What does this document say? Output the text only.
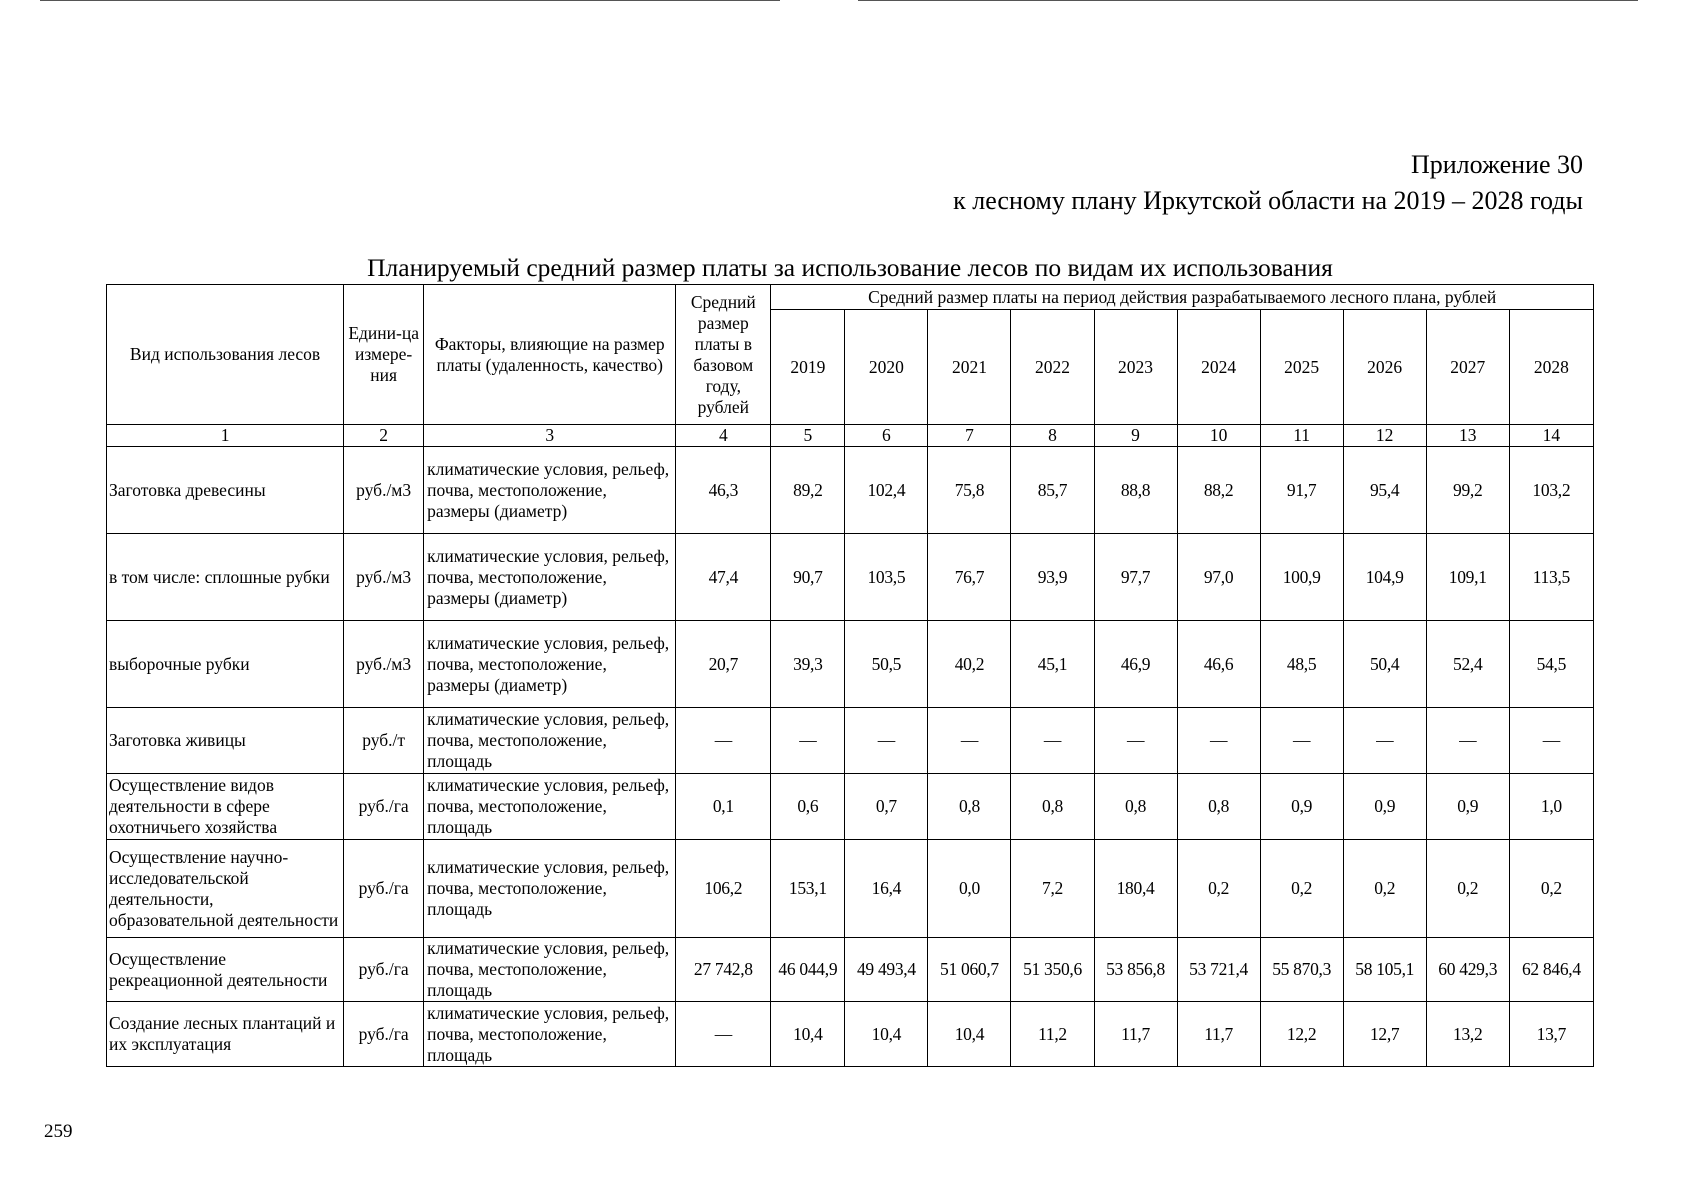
Приложение 30
к лесному плану Иркутской области на 2019 – 2028 годы
Планируемый средний размер платы за использование лесов по видам их использования
Вид использования лесов	Едини-ца измере-ния	Факторы, влияющие на размер платы (удаленность, качество)	Средний размер платы в базовом году, рублей	Средний размер платы на период действия разрабатываемого лесного плана, рублей									
				2019	2020	2021	2022	2023	2024	2025	2026	2027	2028
1	2	3	4	5	6	7	8	9	10	11	12	13	14
Заготовка древесины	руб./м3	климатические условия, рельеф, почва, местоположение, размеры (диаметр)	46,3	89,2	102,4	75,8	85,7	88,8	88,2	91,7	95,4	99,2	103,2
в том числе: сплошные рубки	руб./м3	климатические условия, рельеф, почва, местоположение, размеры (диаметр)	47,4	90,7	103,5	76,7	93,9	97,7	97,0	100,9	104,9	109,1	113,5
выборочные рубки	руб./м3	климатические условия, рельеф, почва, местоположение, размеры (диаметр)	20,7	39,3	50,5	40,2	45,1	46,9	46,6	48,5	50,4	52,4	54,5
Заготовка живицы	руб./т	климатические условия, рельеф, почва, местоположение, площадь	—	—	—	—	—	—	—	—	—	—	—
Осуществление видов деятельности в сфере охотничьего хозяйства	руб./га	климатические условия, рельеф, почва, местоположение, площадь	0,1	0,6	0,7	0,8	0,8	0,8	0,8	0,9	0,9	0,9	1,0
Осуществление научно-исследовательской деятельности, образовательной деятельности	руб./га	климатические условия, рельеф, почва, местоположение, площадь	106,2	153,1	16,4	0,0	7,2	180,4	0,2	0,2	0,2	0,2	0,2
Осуществление рекреационной деятельности	руб./га	климатические условия, рельеф, почва, местоположение, площадь	27 742,8	46 044,9	49 493,4	51 060,7	51 350,6	53 856,8	53 721,4	55 870,3	58 105,1	60 429,3	62 846,4
Создание лесных плантаций и их эксплуатация	руб./га	климатические условия, рельеф, почва, местоположение, площадь	—	10,4	10,4	10,4	11,2	11,7	11,7	12,2	12,7	13,2	13,7
259
